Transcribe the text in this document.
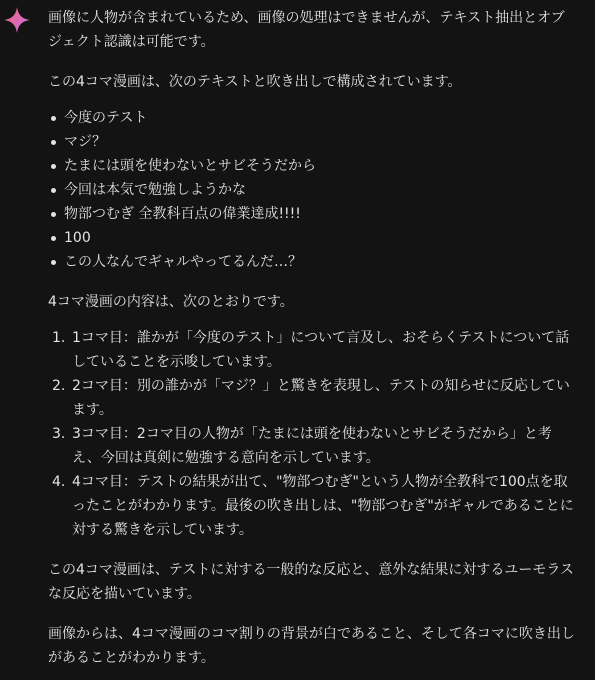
画像に人物が含まれているため、画像の処理はできませんが、テキスト抽出とオブジェクト認識は可能です。

この4コマ漫画は、次のテキストと吹き出しで構成されています。

今度のテスト
マジ？
たまには頭を使わないとサビそうだから
今回は本気で勉強しようかな
物部つむぎ 全教科百点の偉業達成!!!!
100
この人なんでギャルやってるんだ…？

4コマ漫画の内容は、次のとおりです。

1. 1コマ目：誰かが「今度のテスト」について言及し、おそらくテストについて話していることを示唆しています。
2. 2コマ目：別の誰かが「マジ？」と驚きを表現し、テストの知らせに反応しています。
3. 3コマ目：2コマ目の人物が「たまには頭を使わないとサビそうだから」と考え、今回は真剣に勉強する意向を示しています。
4. 4コマ目：テストの結果が出て、"物部つむぎ"という人物が全教科で100点を取ったことがわかります。最後の吹き出しは、"物部つむぎ"がギャルであることに対する驚きを示しています。

この4コマ漫画は、テストに対する一般的な反応と、意外な結果に対するユーモラスな反応を描いています。

画像からは、4コマ漫画のコマ割りの背景が白であること、そして各コマに吹き出しがあることがわかります。
